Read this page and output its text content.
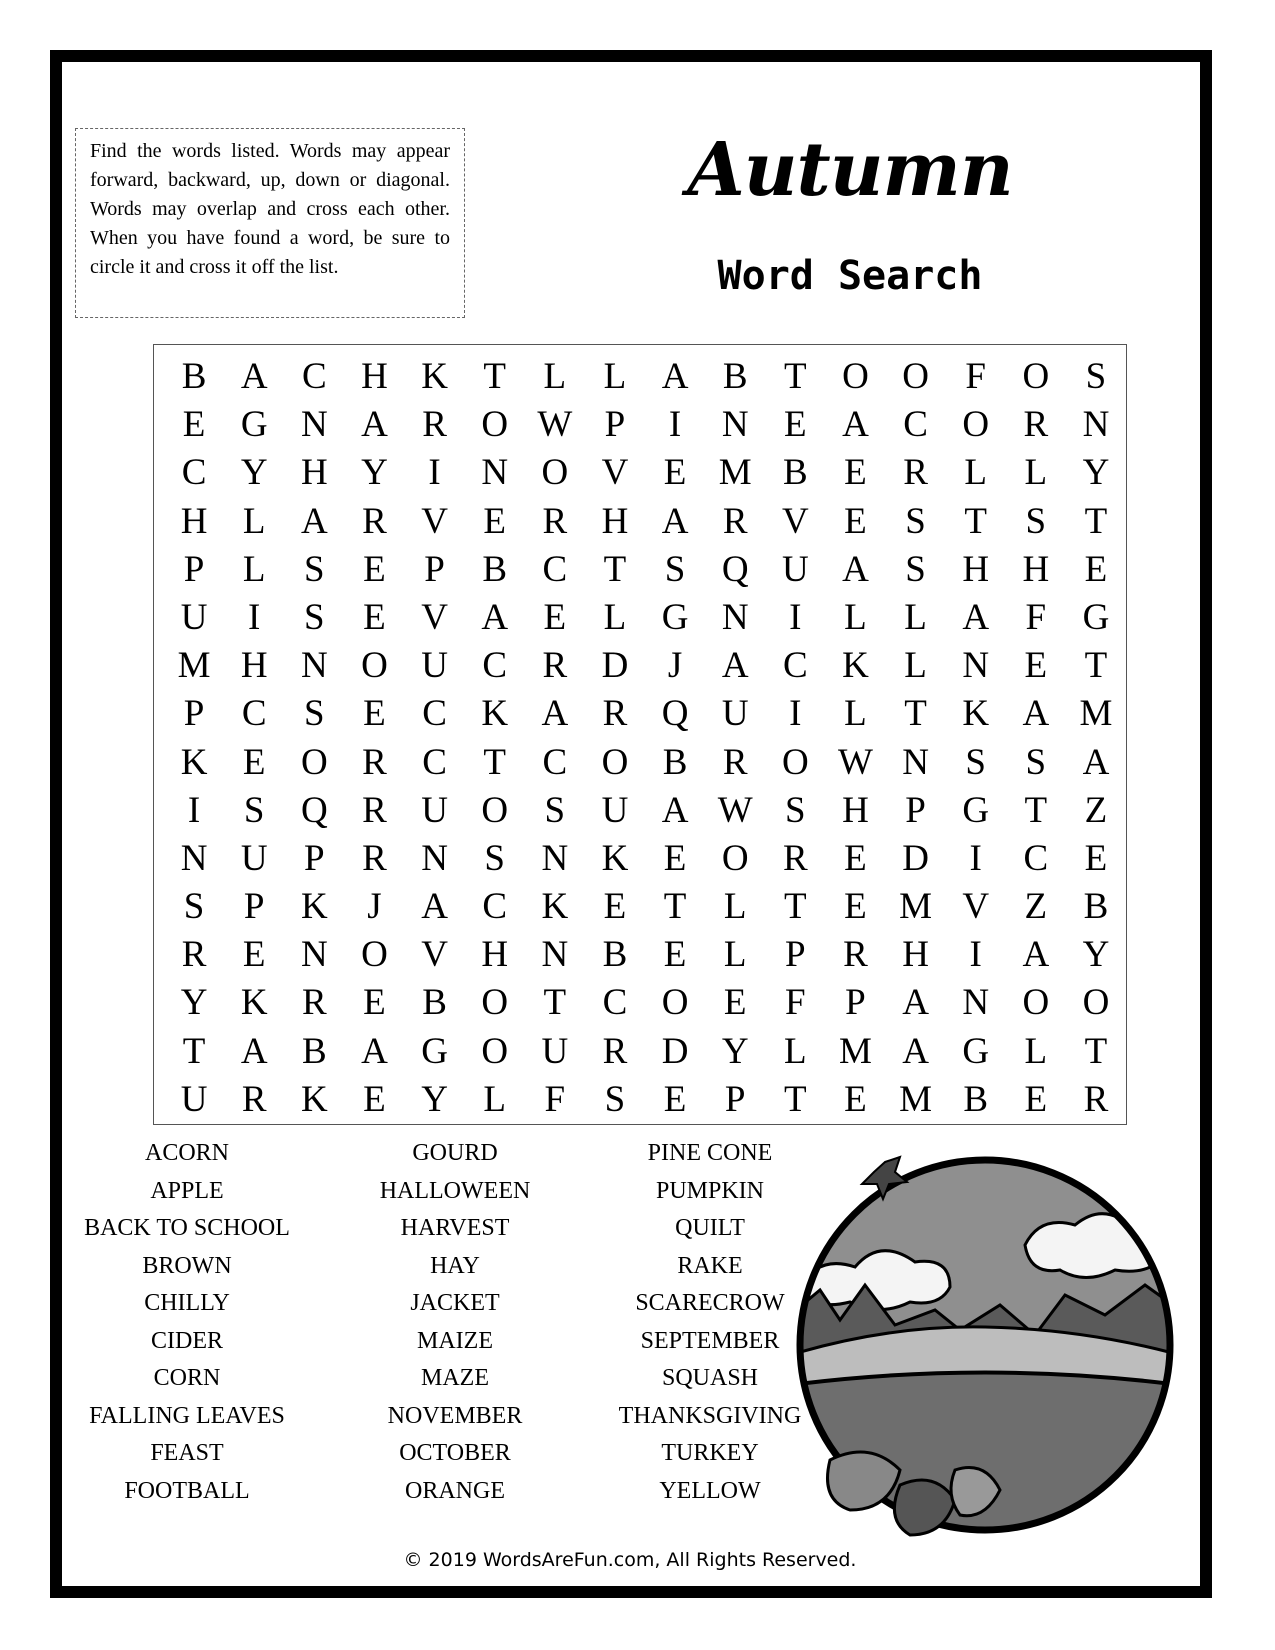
Find the words listed. Words may appear forward, backward, up, down or diagonal. Words may overlap and cross each other. When you have found a word, be sure to circle it and cross it off the list.
Autumn
Word Search
B A C H K T	L	L A B T O O F O S
E G N A R O W P	I	N E A C O R N
C Y H Y	I	N O V E M B E R L	L Y
H L A R V E R H A R V E	S	T	S	T
P	L	S	E	P	B C T	S Q U A S H H E
U	I	S	E V A E	L G N	I	L	L A F G
M H N O U C R D	J	A C K L N E	T
P	C	S	E C K A R Q U	I	L	T K A M
K E O R C T C O B R O W N S	S A
I	S Q R U O S U A W S H P G T	Z
N U P	R N S N K E O R E D	I	C E
S	P K	J	A C K E	T	L	T	E M V Z B
R E N O V H N B E	L	P	R H	I	A Y
Y K R E B O T C O E	F	P A N O O
T A B A G O U R D Y L M A G L	T
U R K E Y L	F	S	E	P	T	E M B E R
ACORN
APPLE
BACK TO SCHOOL
BROWN
CHILLY
CIDER
CORN
FALLING LEAVES
FEAST
FOOTBALL
GOURD
HALLOWEEN
HARVEST
HAY
JACKET
MAIZE
MAZE
NOVEMBER
OCTOBER
ORANGE
PINE CONE
PUMPKIN
QUILT
RAKE
SCARECROW
SEPTEMBER
SQUASH
THANKSGIVING
TURKEY
YELLOW
© 2019 WordsAreFun.com, All Rights Reserved.
